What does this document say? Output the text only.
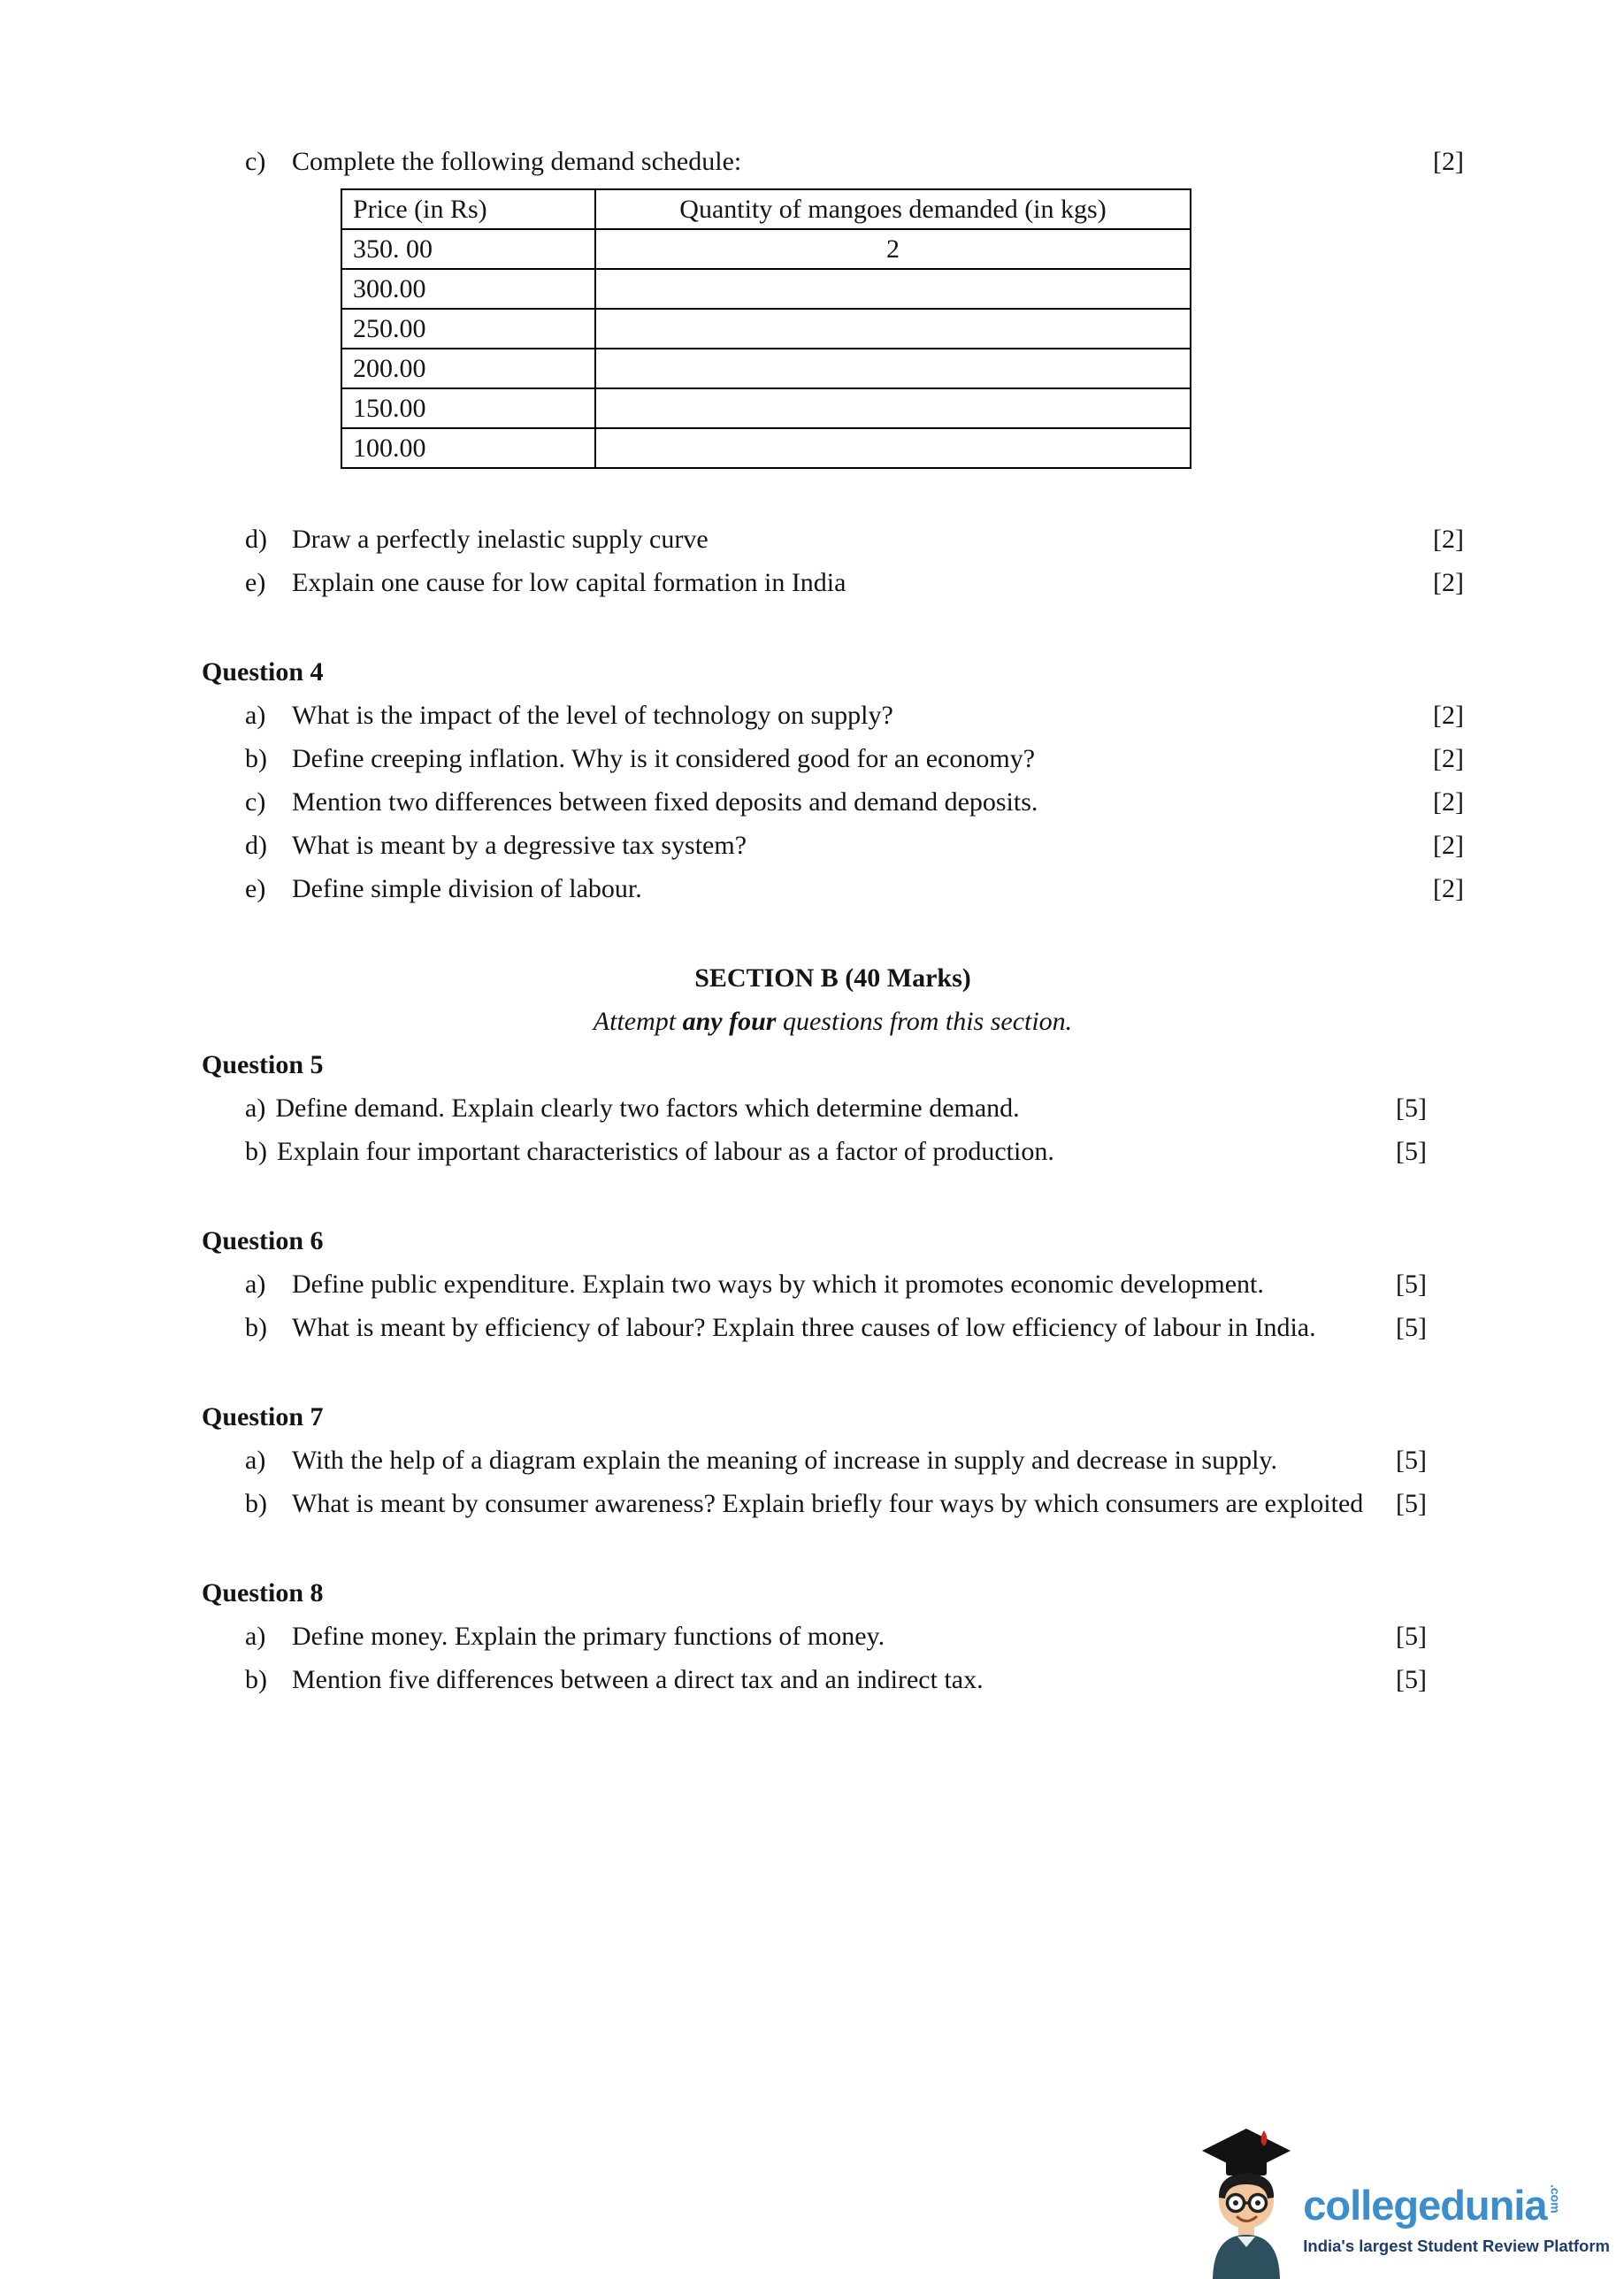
c) Complete the following demand schedule:	[2]
Price (in Rs)	Quantity of mangoes demanded (in kgs)
350. 00	2
300.00	
250.00	
200.00	
150.00	
100.00	
d) Draw a perfectly inelastic supply curve	[2]
e) Explain one cause for low capital formation in India	[2]
Question 4
a) What is the impact of the level of technology on supply?	[2]
b) Define creeping inflation. Why is it considered good for an economy?	[2]
c) Mention two differences between fixed deposits and demand deposits.	[2]
d) What is meant by a degressive tax system?	[2]
e) Define simple division of labour.	[2]
SECTION B (40 Marks)
Attempt any four questions from this section.
Question 5
a) Define demand. Explain clearly two factors which determine demand.	[5]
b) Explain four important characteristics of labour as a factor of production.	[5]
Question 6
a) Define public expenditure. Explain two ways by which it promotes economic development.	[5]
b) What is meant by efficiency of labour? Explain three causes of low efficiency of labour in India.	[5]
Question 7
a) With the help of a diagram explain the meaning of increase in supply and decrease in supply.	[5]
b) What is meant by consumer awareness? Explain briefly four ways by which consumers are exploited	[5]
Question 8
a) Define money. Explain the primary functions of money.	[5]
b) Mention five differences between a direct tax and an indirect tax.	[5]
collegedunia .com
India's largest Student Review Platform
